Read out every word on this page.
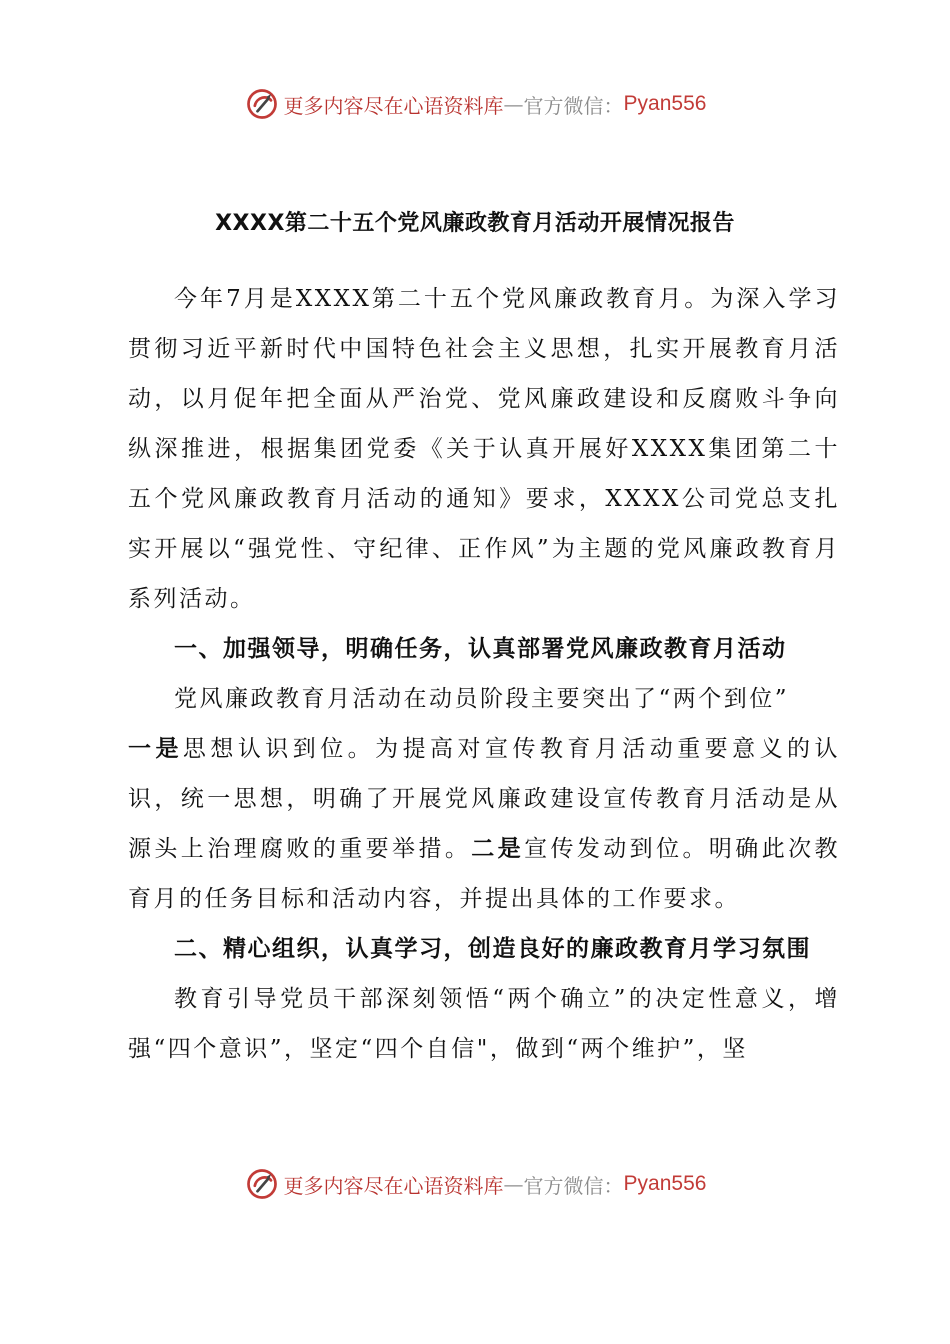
更多内容尽在心语资料库 — 官方微信： Pyan556
XXXX第二十五个党风廉政教育月活动开展情况报告

今年7月是XXXX第二十五个党风廉政教育月。为深入学习贯彻习近平新时代中国特色社会主义思想，扎实开展教育月活动，以月促年把全面从严治党、党风廉政建设和反腐败斗争向纵深推进，根据集团党委《关于认真开展好XXXX集团第二十五个党风廉政教育月活动的通知》要求，XXXX公司党总支扎实开展以“强党性、守纪律、正作风”为主题的党风廉政教育月系列活动。

一、加强领导，明确任务，认真部署党风廉政教育月活动

党风廉政教育月活动在动员阶段主要突出了“两个到位”

一是思想认识到位。为提高对宣传教育月活动重要意义的认识，统一思想，明确了开展党风廉政建设宣传教育月活动是从源头上治理腐败的重要举措。二是宣传发动到位。明确此次教育月的任务目标和活动内容，并提出具体的工作要求。

二、精心组织，认真学习，创造良好的廉政教育月学习氛围

教育引导党员干部深刻领悟“两个确立”的决定性意义，增强“四个意识”，坚定“四个自信"，做到“两个维护”，坚

更多内容尽在心语资料库 — 官方微信： Pyan556
